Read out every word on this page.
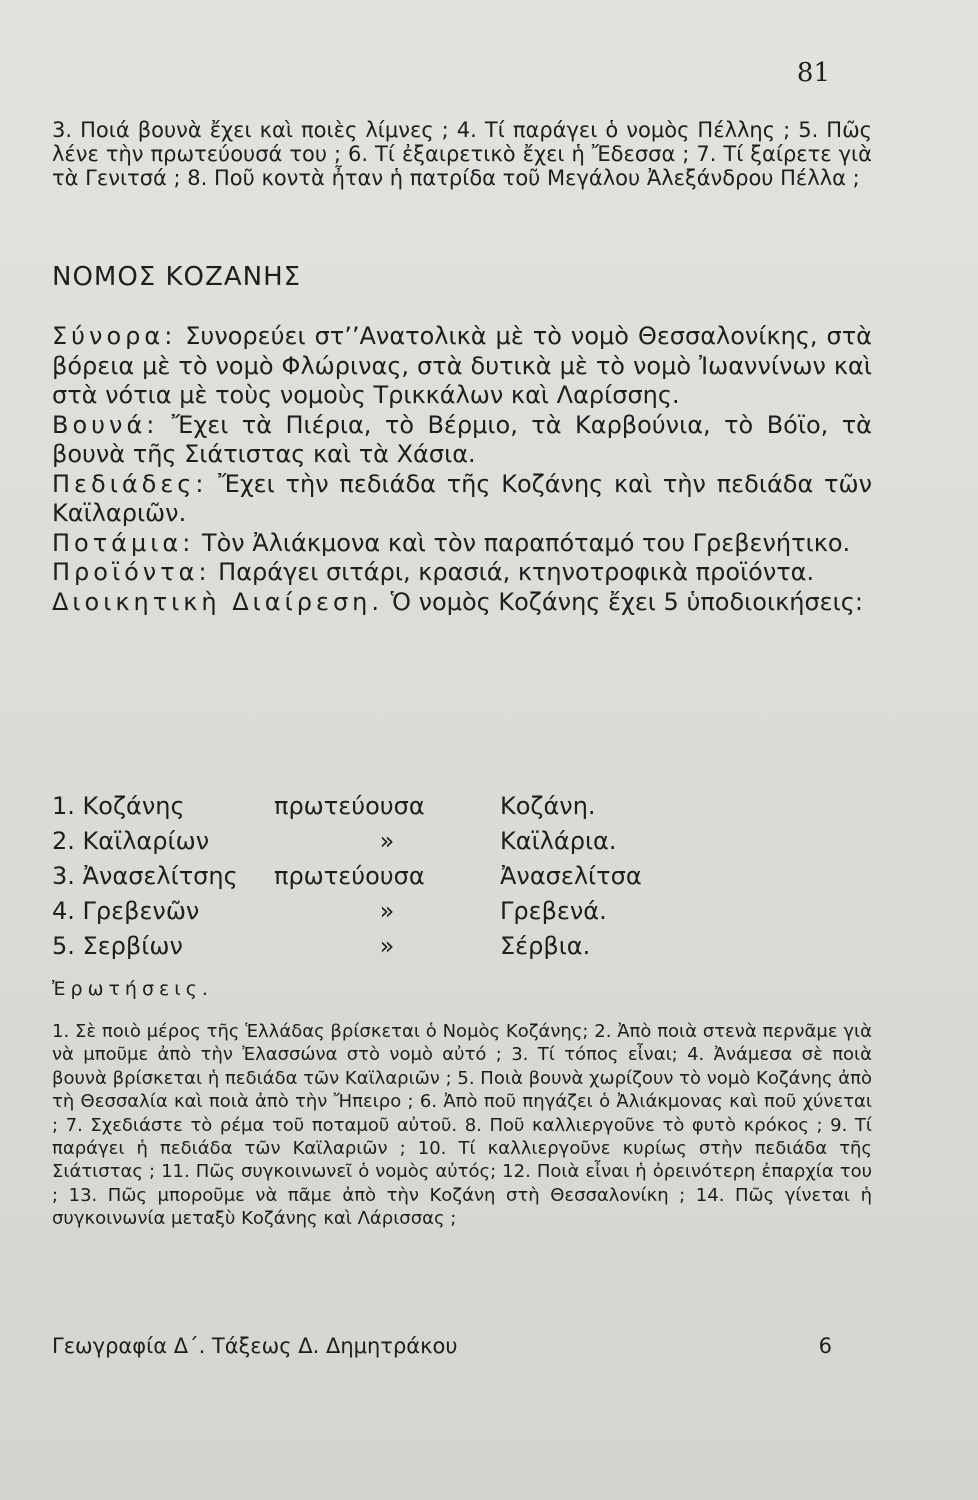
81
3. Ποιά βουνὰ ἔχει καὶ ποιὲς λίμνες ; 4. Τί παράγει ὁ νομὸς Πέλλης ; 5. Πῶς λένε τὴν πρωτεύουσά του ; 6. Τί ἐξαιρετικὸ ἔχει ἡ Ἔδεσσα ; 7. Τί ξαίρετε γιὰ τὰ Γενιτσά ; 8. Ποῦ κοντὰ ἦταν ἡ πατρίδα τοῦ Μεγάλου Ἀλεξάνδρου Πέλλα ;
ΝΟΜΟΣ ΚΟΖΑΝΗΣ

Σύνορα: Συνορεύει στ’’Ανατολικὰ μὲ τὸ νομὸ Θεσσαλονίκης, στὰ βόρεια μὲ τὸ νομὸ Φλώρινας, στὰ δυτικὰ μὲ τὸ νομὸ Ἰωαννίνων καὶ στὰ νότια μὲ τοὺς νομοὺς Τρικκάλων καὶ Λαρίσσης.

Βουνά: Ἔχει τὰ Πιέρια, τὸ Βέρμιο, τὰ Καρβούνια, τὸ Βόϊο, τὰ βουνὰ τῆς Σιάτιστας καὶ τὰ Χάσια.

Πεδιάδες: Ἔχει τὴν πεδιάδα τῆς Κοζάνης καὶ τὴν πεδιάδα τῶν Καϊλαριῶν.

Ποτάμια: Τὸν Ἀλιάκμονα καὶ τὸν παραπόταμό του Γρεβενήτικο.

Προϊόντα: Παράγει σιτάρι, κρασιά, κτηνοτροφικὰ προϊόντα.

Διοικητικὴ Διαίρεση. Ὁ νομὸς Κοζάνης ἔχει 5 ὑποδιοικήσεις:

1. Κοζάνης	πρωτεύουσα	Κοζάνη.
2. Καϊλαρίων	»	Καϊλάρια.
3. Ἀνασελίτσης	πρωτεύουσα	Ἀνασελίτσα
4. Γρεβενῶν	»	Γρεβενά.
5. Σερβίων	»	Σέρβια.
Ἐρωτήσεις.
1. Σὲ ποιὸ μέρος τῆς Ἑλλάδας βρίσκεται ὁ Νομὸς Κοζάνης; 2. Ἀπὸ ποιὰ στενὰ περνᾶμε γιὰ νὰ μποῦμε ἀπὸ τὴν Ἐλασσώνα στὸ νομὸ αὐτό ; 3. Τί τόπος εἶναι; 4. Ἀνάμεσα σὲ ποιὰ βουνὰ βρίσκεται ἡ πεδιάδα τῶν Καϊλαριῶν ; 5. Ποιὰ βουνὰ χωρίζουν τὸ νομὸ Κοζάνης ἀπὸ τὴ Θεσσαλία καὶ ποιὰ ἀπὸ τὴν Ἤπειρο ; 6. Ἀπὸ ποῦ πηγάζει ὁ Ἀλιάκμονας καὶ ποῦ χύνεται ; 7. Σχεδιάστε τὸ ρέμα τοῦ ποταμοῦ αὐτοῦ. 8. Ποῦ καλλιεργοῦνε τὸ φυτὸ κρόκος ; 9. Τί παράγει ἡ πεδιάδα τῶν Καϊλαριῶν ; 10. Τί καλλιεργοῦνε κυρίως στὴν πεδιάδα τῆς Σιάτιστας ; 11. Πῶς συγκοινωνεῖ ὁ νομὸς αὐτός; 12. Ποιὰ εἶναι ἡ ὀρεινότερη ἐπαρχία του ; 13. Πῶς μποροῦμε νὰ πᾶμε ἀπὸ τὴν Κοζάνη στὴ Θεσσαλονίκη ; 14. Πῶς γίνεται ἡ συγκοινωνία μεταξὺ Κοζάνης καὶ Λάρισσας ;
Γεωγραφία Δ΄. Τάξεως Δ. Δημητράκου	6
